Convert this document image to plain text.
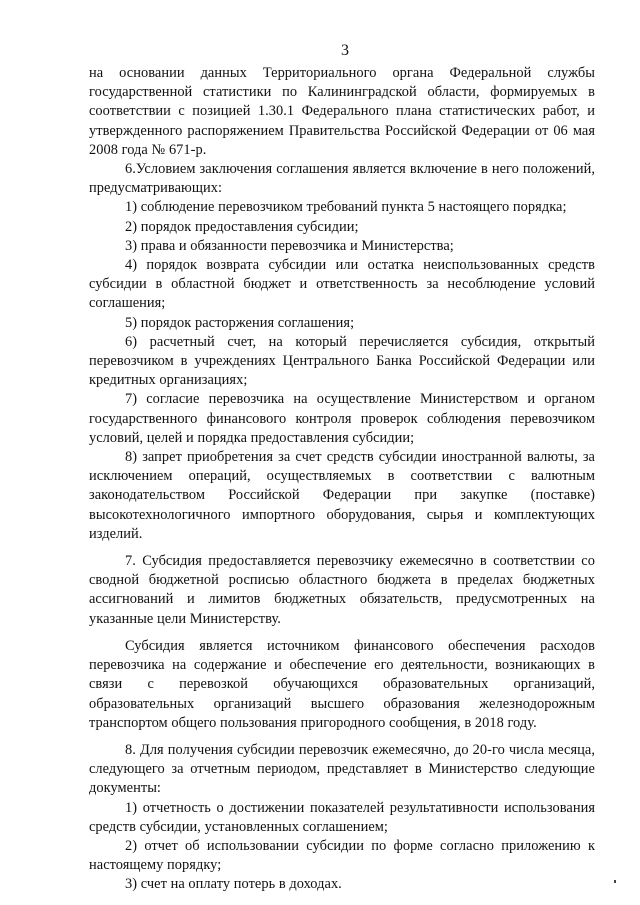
3

на основании данных Территориального органа Федеральной службы государственной статистики по Калининградской области, формируемых в соответствии с позицией 1.30.1 Федерального плана статистических работ, и утвержденного распоряжением Правительства Российской Федерации от 06 мая 2008 года № 671-р.

6.Условием заключения соглашения является включение в него положений, предусматривающих:

1) соблюдение перевозчиком требований пункта 5 настоящего порядка;

2) порядок предоставления субсидии;

3) права и обязанности перевозчика и Министерства;

4) порядок возврата субсидии или остатка неиспользованных средств субсидии в областной бюджет и ответственность за несоблюдение условий соглашения;

5) порядок расторжения соглашения;

6) расчетный счет, на который перечисляется субсидия, открытый перевозчиком в учреждениях Центрального Банка Российской Федерации или кредитных организациях;

7) согласие перевозчика на осуществление Министерством и органом государственного финансового контроля проверок соблюдения перевозчиком условий, целей и порядка предоставления субсидии;

8) запрет приобретения за счет средств субсидии иностранной валюты, за исключением операций, осуществляемых в соответствии с валютным законодательством Российской Федерации при закупке (поставке) высокотехнологичного импортного оборудования, сырья и комплектующих изделий.

7. Субсидия предоставляется перевозчику ежемесячно в соответствии со сводной бюджетной росписью областного бюджета в пределах бюджетных ассигнований и лимитов бюджетных обязательств, предусмотренных на указанные цели Министерству.

Субсидия является источником финансового обеспечения расходов перевозчика на содержание и обеспечение его деятельности, возникающих в связи с перевозкой обучающихся образовательных организаций, образовательных организаций высшего образования железнодорожным транспортом общего пользования пригородного сообщения, в 2018 году.

8. Для получения субсидии перевозчик ежемесячно, до 20-го числа месяца, следующего за отчетным периодом, представляет в Министерство следующие документы:

1) отчетность о достижении показателей результативности использования средств субсидии, установленных соглашением;

2) отчет об использовании субсидии по форме согласно приложению к настоящему порядку;

3) счет на оплату потерь в доходах.
